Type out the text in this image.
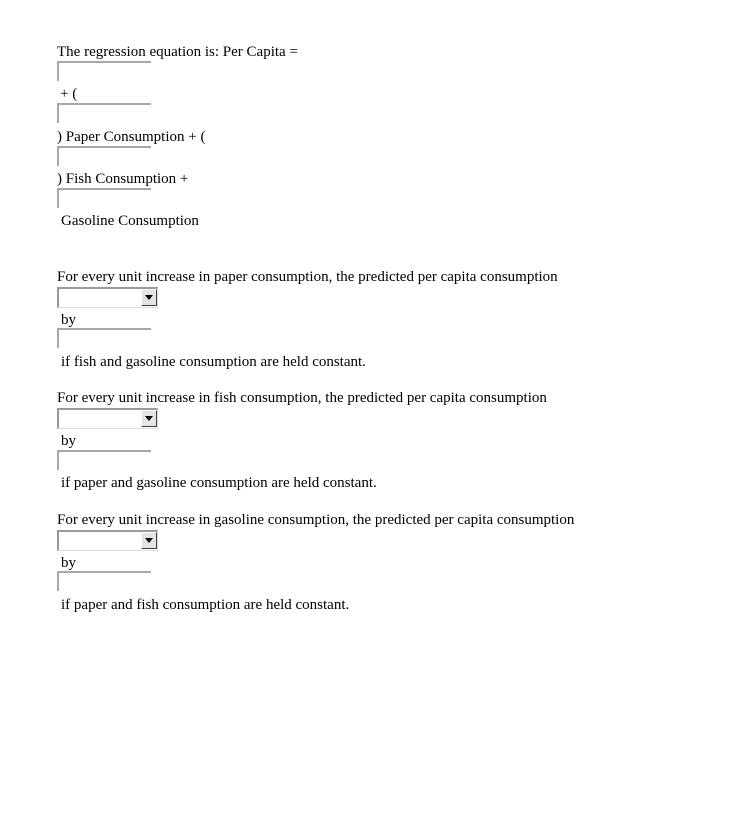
The regression equation is: Per Capita =
+ (
) Paper Consumption + (
) Fish Consumption +
Gasoline Consumption
For every unit increase in paper consumption, the predicted per capita consumption
by
if fish and gasoline consumption are held constant.
For every unit increase in fish consumption, the predicted per capita consumption
by
if paper and gasoline consumption are held constant.
For every unit increase in gasoline consumption, the predicted per capita consumption
by
if paper and fish consumption are held constant.
